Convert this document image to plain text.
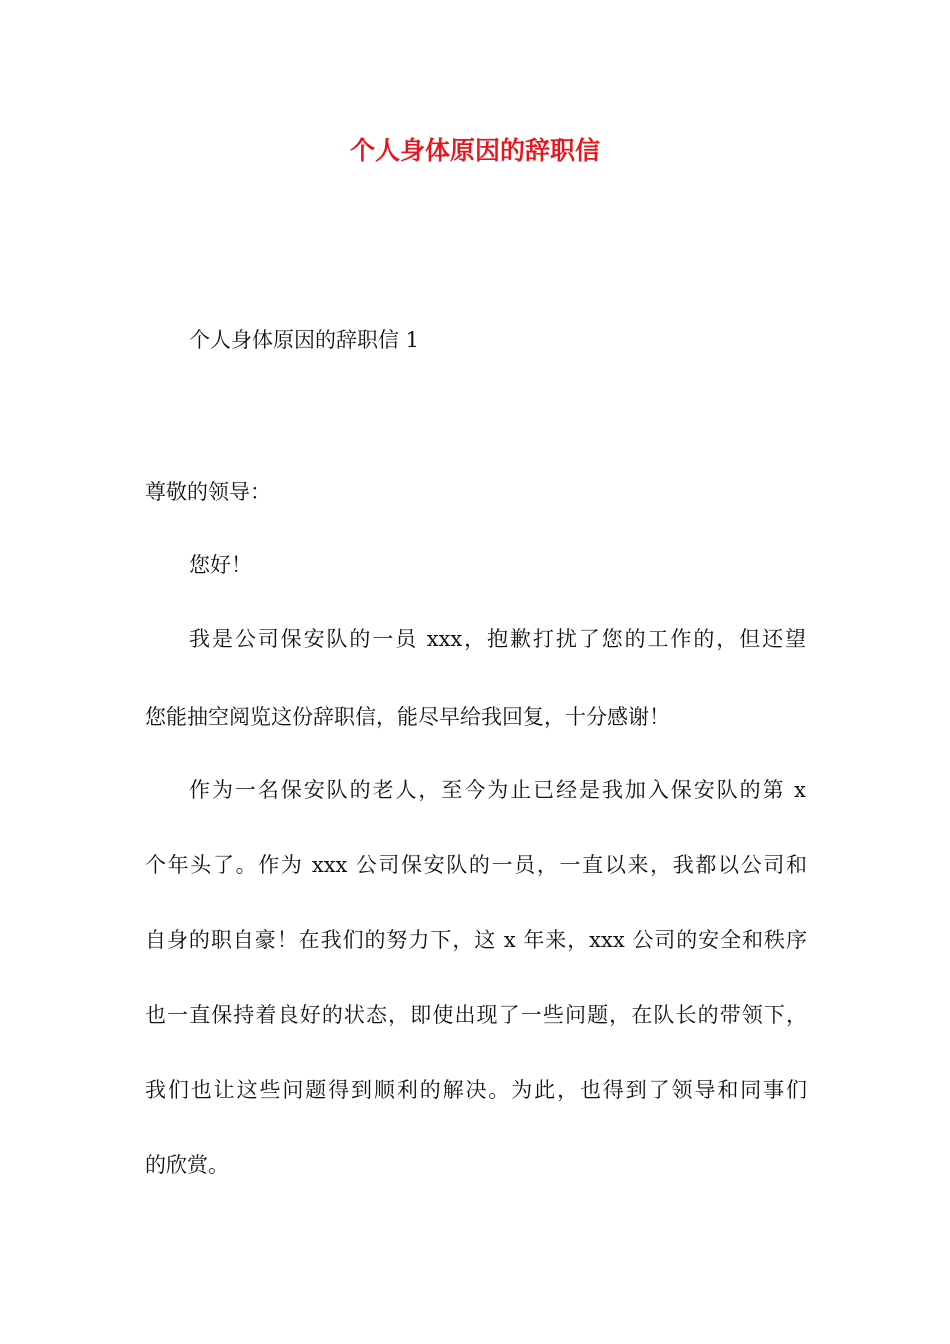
个人身体原因的辞职信

个人身体原因的辞职信 1

尊敬的领导：

您好！

我是公司保安队的一员 xxx，抱歉打扰了您的工作的，但还望

您能抽空阅览这份辞职信，能尽早给我回复，十分感谢！

作为一名保安队的老人，至今为止已经是我加入保安队的第 x

个年头了。作为 xxx 公司保安队的一员，一直以来，我都以公司和

自身的职自豪！在我们的努力下，这 x 年来，xxx 公司的安全和秩序

也一直保持着良好的状态，即使出现了一些问题，在队长的带领下，

我们也让这些问题得到顺利的解决。为此，也得到了领导和同事们

的欣赏。
